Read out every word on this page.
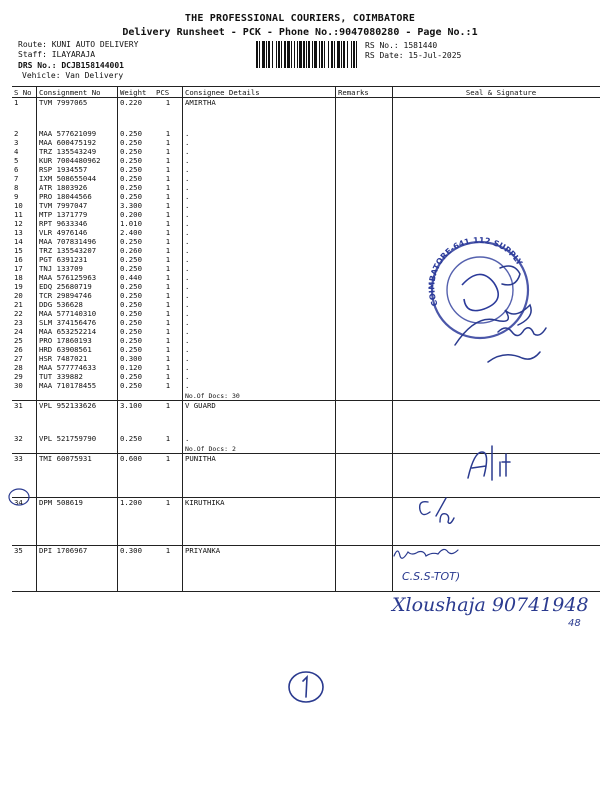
THE PROFESSIONAL COURIERS, COIMBATORE
Delivery Runsheet - PCK - Phone No.:9047080280 - Page No.:1
Route: KUNI AUTO DELIVERY
Staff: ILAYARAJA
DRS No.: DCJB158144001
Vehicle: Van Delivery
RS No.: 1581440
RS Date: 15-Jul-2025
S No	Consignment No	Weight	PCS	Consignee Details	Remarks	Seal & Signature
1	TVM 7997065	0.220	1	AMIRTHA		

2	MAA 577621099	0.250	1	.		
3	MAA 600475192	0.250	1	.		
4	TRZ 135543249	0.250	1	.		
5	KUR 7004480962	0.250	1	.		
6	RSP 1934557	0.250	1	.		
7	IXM 508655044	0.250	1	.		
8	ATR 1803926	0.250	1	.		
9	PRO 18044566	0.250	1	.		
10	TVM 7997047	3.300	1	.		
11	MTP 1371779	0.200	1	.		
12	RPT 9633346	1.010	1	.		
13	VLR 4976146	2.400	1	.		
14	MAA 707831496	0.250	1	.		
15	TRZ 135543207	0.260	1	.		
16	PGT 6391231	0.250	1	.		
17	TNJ 133709	0.250	1	.		
18	MAA 576125963	0.440	1	.		
19	EDQ 25680719	0.250	1	.		
20	TCR 29894746	0.250	1	.		
21	DDG 536628	0.250	1	.		
22	MAA 577140310	0.250	1	.		
23	SLM 374156476	0.250	1	.		
24	MAA 653252214	0.250	1	.		
25	PRO 17860193	0.250	1	.		
26	HRD 63908561	0.250	1	.		
27	HSR 7487021	0.300	1	.		
28	MAA 577774633	0.120	1	.		
29	TUT 339882	0.250	1	.		
30	MAA 710178455	0.250	1	.		
				No.Of Docs: 30		
31	VPL 952133626	3.100	1	V GUARD		

32	VPL 521759790	0.250	1	.		
				No.Of Docs: 2		
33	TMI 60075931	0.600	1	PUNITHA		

34	DPM 508619	1.200	1	KIRUTHIKA		

35	DPI 1706967	0.300	1	PRIYANKA		

COIMBATORE-641 112 SUPPLY
C.S.S-TOT)
Xloushaja 90741948
48
